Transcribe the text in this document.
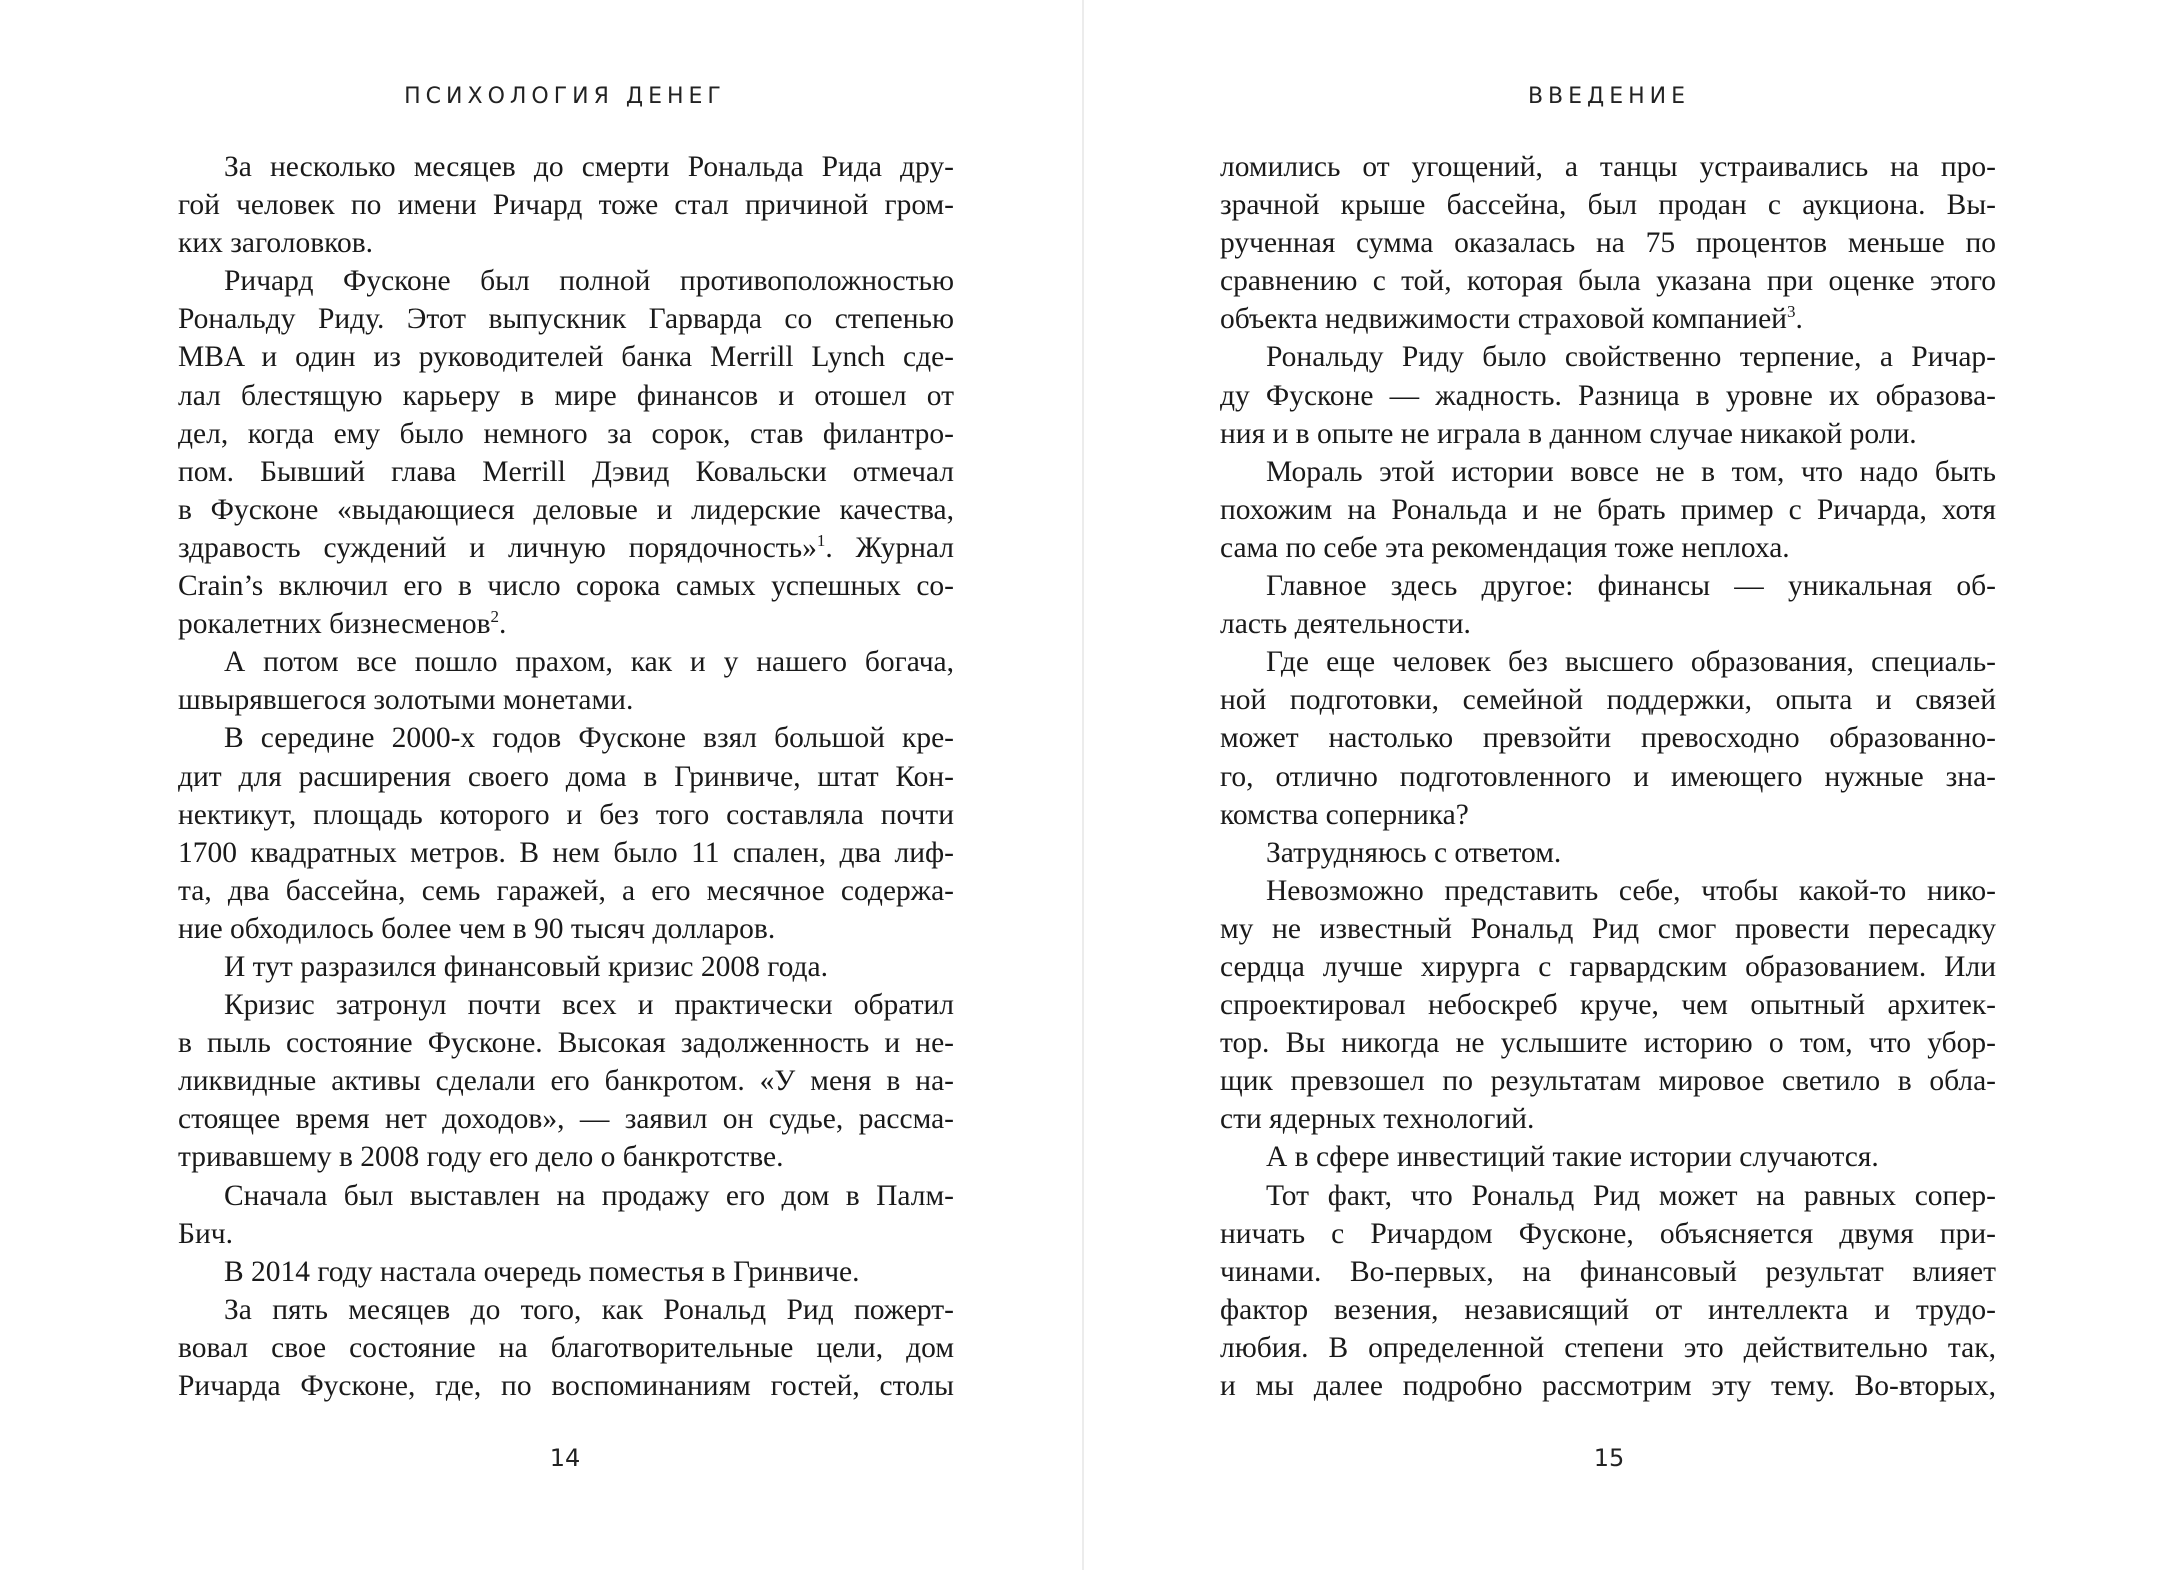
ПСИХОЛОГИЯ ДЕНЕГ
За несколько месяцев до смерти Рональда Рида дру-
гой человек по имени Ричард тоже стал причиной гром-
ких заголовков.
Ричард Фусконе был полной противоположностью
Рональду Риду. Этот выпускник Гарварда со степенью
MBA и один из руководителей банка Merrill Lynch сде-
лал блестящую карьеру в мире финансов и отошел от
дел, когда ему было немного за сорок, став филантро-
пом. Бывший глава Merrill Дэвид Ковальски отмечал
в Фусконе «выдающиеся деловые и лидерские качества,
здравость суждений и личную порядочность»$^1$. Журнал
Crain’s включил его в число сорока самых успешных со-
рокалетних бизнесменов$^2$.
А потом все пошло прахом, как и у нашего богача,
швырявшегося золотыми монетами.
В середине 2000-х годов Фусконе взял большой кре-
дит для расширения своего дома в Гринвиче, штат Кон-
нектикут, площадь которого и без того составляла почти
1700 квадратных метров. В нем было 11 спален, два лиф-
та, два бассейна, семь гаражей, а его месячное содержа-
ние обходилось более чем в 90 тысяч долларов.
И тут разразился финансовый кризис 2008 года.
Кризис затронул почти всех и практически обратил
в пыль состояние Фусконе. Высокая задолженность и не-
ликвидные активы сделали его банкротом. «У меня в на-
стоящее время нет доходов», — заявил он судье, рассма-
тривавшему в 2008 году его дело о банкротстве.
Сначала был выставлен на продажу его дом в Палм-
Бич.
В 2014 году настала очередь поместья в Гринвиче.
За пять месяцев до того, как Рональд Рид пожерт-
вовал свое состояние на благотворительные цели, дом
Ричарда Фусконе, где, по воспоминаниям гостей, столы
14
ВВЕДЕНИЕ
ломились от угощений, а танцы устраивались на про-
зрачной крыше бассейна, был продан с аукциона. Вы-
рученная сумма оказалась на 75 процентов меньше по
сравнению с той, которая была указана при оценке этого
объекта недвижимости страховой компанией$^3$.
Рональду Риду было свойственно терпение, а Ричар-
ду Фусконе — жадность. Разница в уровне их образова-
ния и в опыте не играла в данном случае никакой роли.
Мораль этой истории вовсе не в том, что надо быть
похожим на Рональда и не брать пример с Ричарда, хотя
сама по себе эта рекомендация тоже неплоха.
Главное здесь другое: финансы — уникальная об-
ласть деятельности.
Где еще человек без высшего образования, специаль-
ной подготовки, семейной поддержки, опыта и связей
может настолько превзойти превосходно образованно-
го, отлично подготовленного и имеющего нужные зна-
комства соперника?
Затрудняюсь с ответом.
Невозможно представить себе, чтобы какой-то нико-
му не известный Рональд Рид смог провести пересадку
сердца лучше хирурга с гарвардским образованием. Или
спроектировал небоскреб круче, чем опытный архитек-
тор. Вы никогда не услышите историю о том, что убор-
щик превзошел по результатам мировое светило в обла-
сти ядерных технологий.
А в сфере инвестиций такие истории случаются.
Тот факт, что Рональд Рид может на равных сопер-
ничать с Ричардом Фусконе, объясняется двумя при-
чинами. Во-первых, на финансовый результат влияет
фактор везения, независящий от интеллекта и трудо-
любия. В определенной степени это действительно так,
и мы далее подробно рассмотрим эту тему. Во-вторых,
15
